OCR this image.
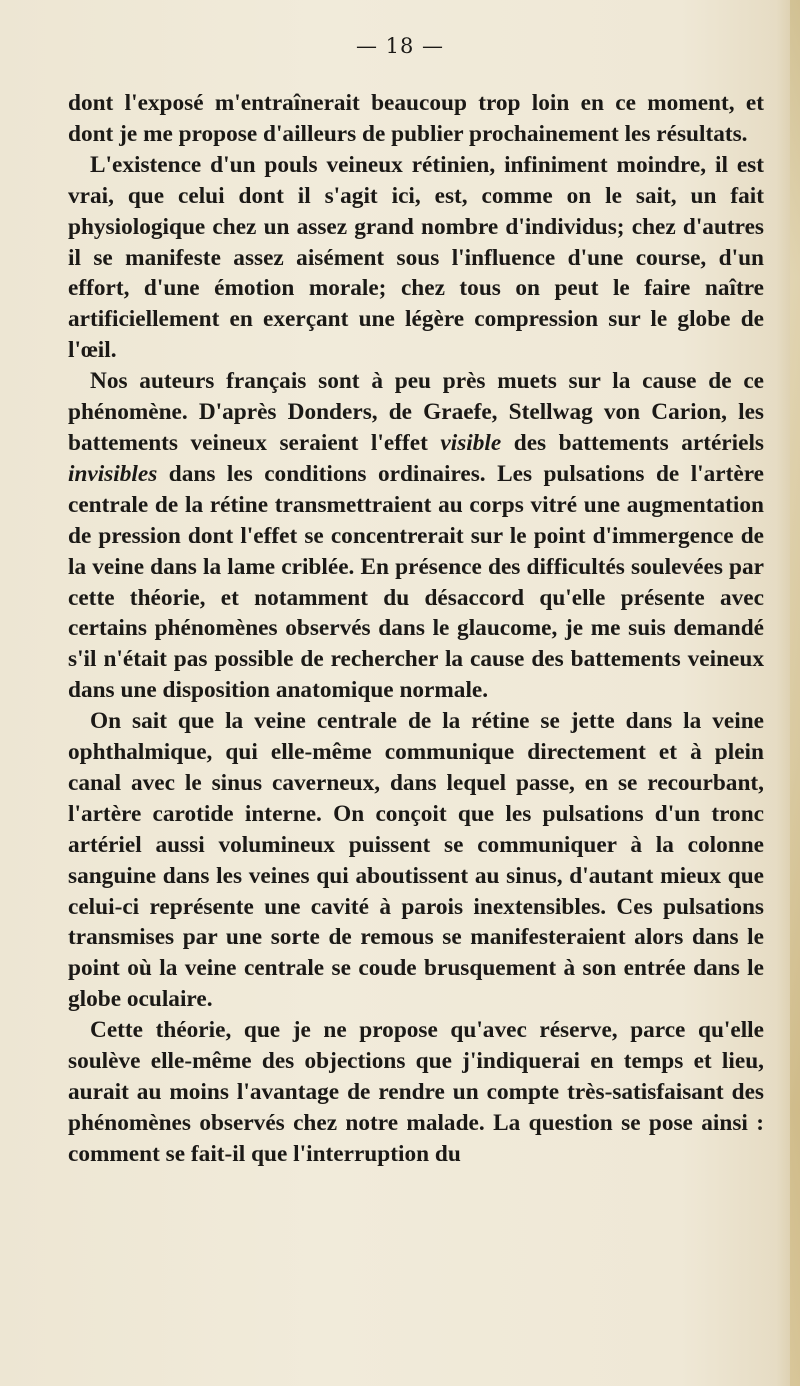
— 18 —

dont l'exposé m'entraînerait beaucoup trop loin en ce moment, et dont je me propose d'ailleurs de publier prochainement les résultats.

L'existence d'un pouls veineux rétinien, infiniment moindre, il est vrai, que celui dont il s'agit ici, est, comme on le sait, un fait physiologique chez un assez grand nombre d'individus; chez d'autres il se manifeste assez aisément sous l'influence d'une course, d'un effort, d'une émotion morale; chez tous on peut le faire naître artificiellement en exerçant une légère compression sur le globe de l'œil.

Nos auteurs français sont à peu près muets sur la cause de ce phénomène. D'après Donders, de Graefe, Stellwag von Carion, les battements veineux seraient l'effet visible des battements artériels invisibles dans les conditions ordinaires. Les pulsations de l'artère centrale de la rétine transmettraient au corps vitré une augmentation de pression dont l'effet se concentrerait sur le point d'immergence de la veine dans la lame criblée. En présence des difficultés soulevées par cette théorie, et notamment du désaccord qu'elle présente avec certains phénomènes observés dans le glaucome, je me suis demandé s'il n'était pas possible de rechercher la cause des battements veineux dans une disposition anatomique normale.

On sait que la veine centrale de la rétine se jette dans la veine ophthalmique, qui elle-même communique directement et à plein canal avec le sinus caverneux, dans lequel passe, en se recourbant, l'artère carotide interne. On conçoit que les pulsations d'un tronc artériel aussi volumineux puissent se communiquer à la colonne sanguine dans les veines qui aboutissent au sinus, d'autant mieux que celui-ci représente une cavité à parois inextensibles. Ces pulsations transmises par une sorte de remous se manifesteraient alors dans le point où la veine centrale se coude brusquement à son entrée dans le globe oculaire.

Cette théorie, que je ne propose qu'avec réserve, parce qu'elle soulève elle-même des objections que j'indiquerai en temps et lieu, aurait au moins l'avantage de rendre un compte très-satisfaisant des phénomènes observés chez notre malade. La question se pose ainsi : comment se fait-il que l'interruption du
